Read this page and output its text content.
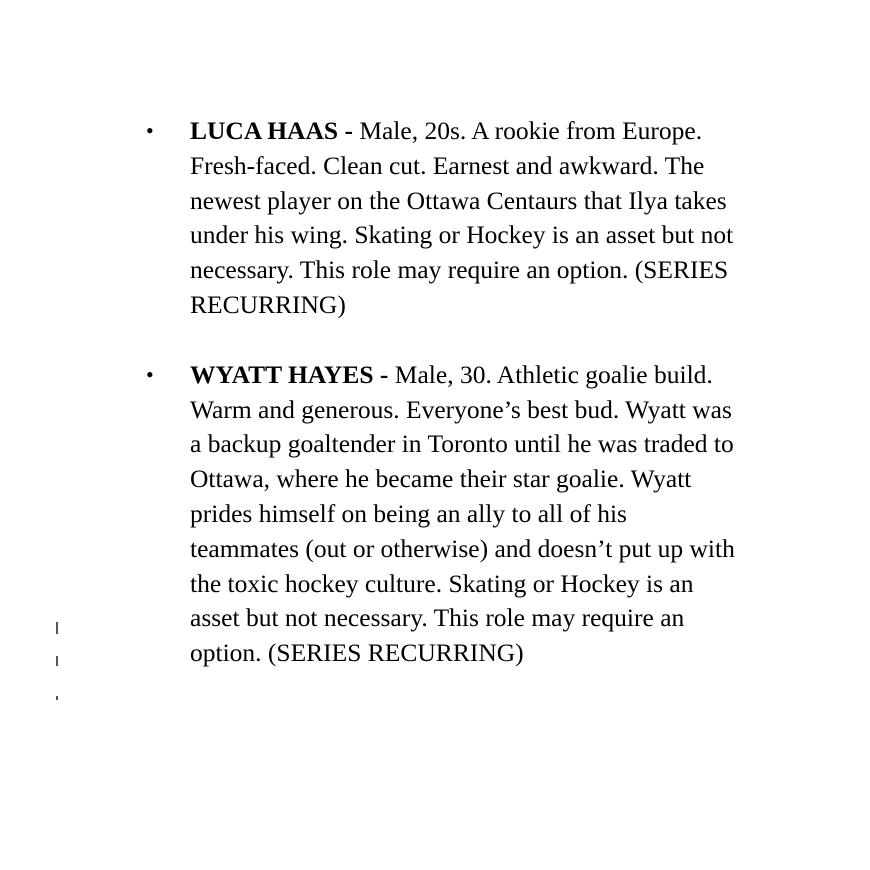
•	LUCA HAAS - Male, 20s. A rookie from Europe. Fresh-faced. Clean cut. Earnest and awkward. The newest player on the Ottawa Centaurs that Ilya takes under his wing. Skating or Hockey is an asset but not necessary. This role may require an option. (SERIES RECURRING)
•	WYATT HAYES - Male, 30. Athletic goalie build. Warm and generous. Everyone’s best bud. Wyatt was a backup goaltender in Toronto until he was traded to Ottawa, where he became their star goalie. Wyatt prides himself on being an ally to all of his teammates (out or otherwise) and doesn’t put up with the toxic hockey culture. Skating or Hockey is an asset but not necessary. This role may require an option. (SERIES RECURRING)
